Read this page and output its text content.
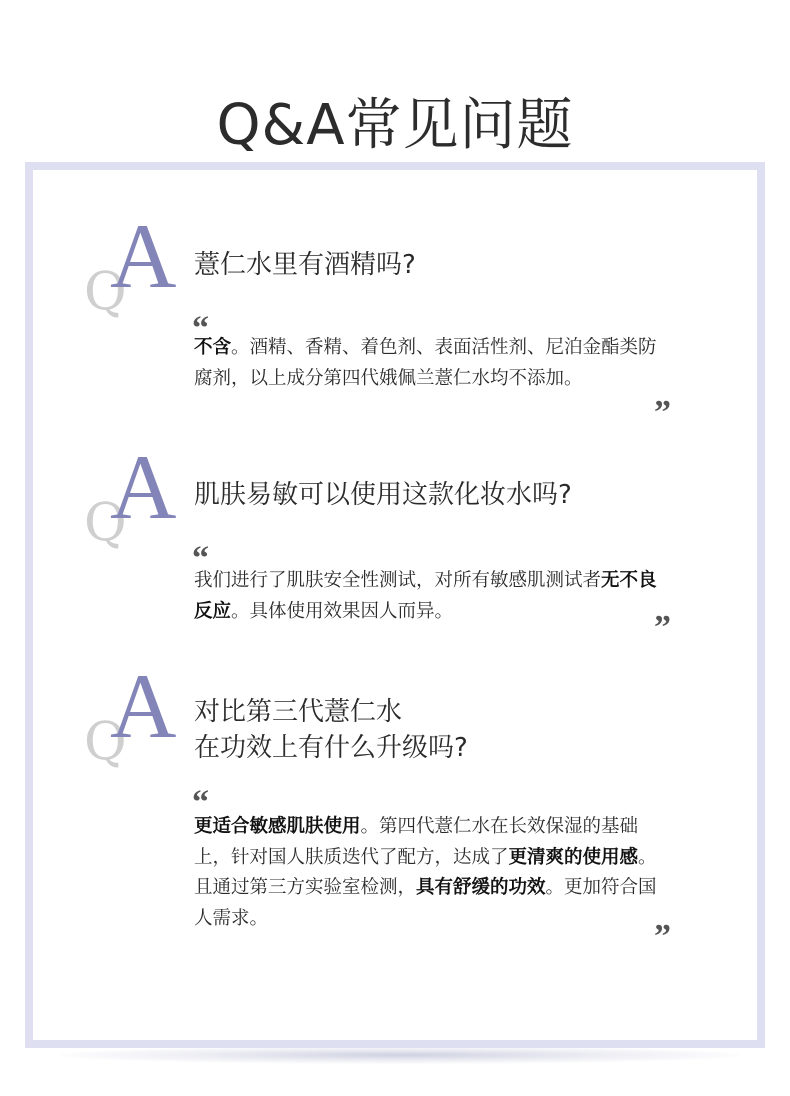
Q&A常见问题
Q
A 薏仁水里有酒精吗?
“

不含。酒精、香精、着色剂、表面活性剂、尼泊金酯类防腐剂，以上成分第四代娥佩兰薏仁水均不添加。

”
Q
A 肌肤易敏可以使用这款化妆水吗?
“

我们进行了肌肤安全性测试，对所有敏感肌测试者无不良反应。具体使用效果因人而异。	”
Q
A 对比第三代薏仁水
在功效上有什么升级吗?
“

更适合敏感肌肤使用。第四代薏仁水在长效保湿的基础上，针对国人肤质迭代了配方，达成了更清爽的使用感。且通过第三方实验室检测，具有舒缓的功效。更加符合国人需求。	”
